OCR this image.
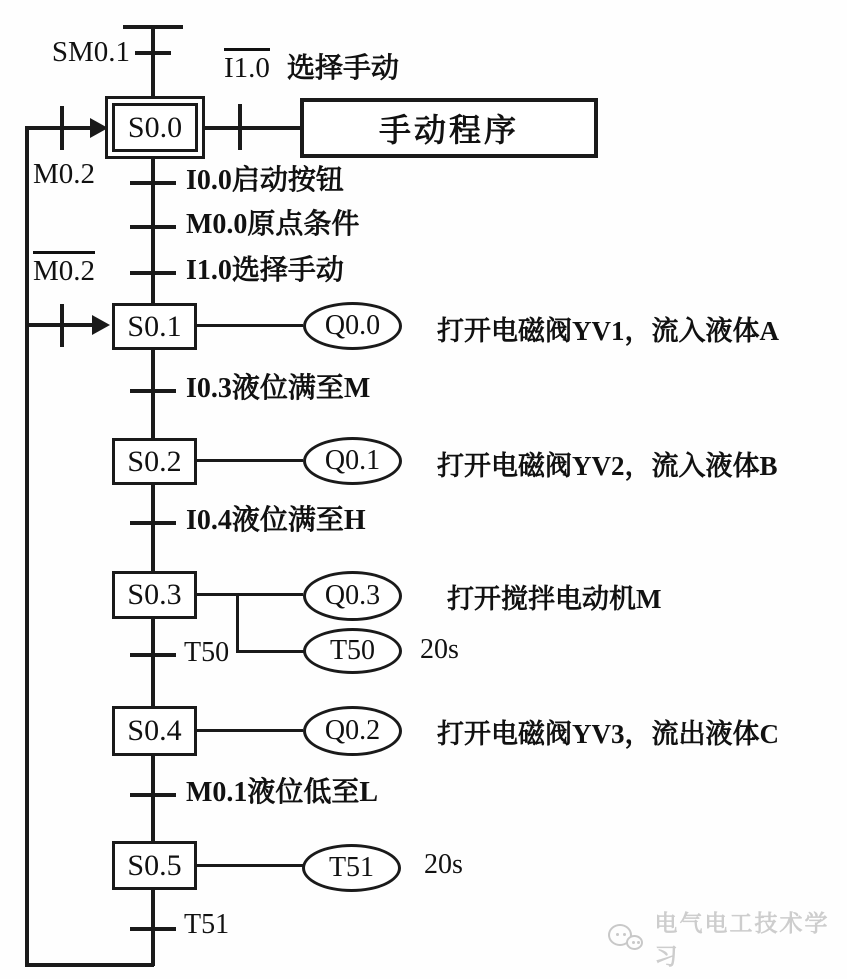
SM0.1
M0.2
M0.2
I1.0 选择手动
手动程序
I0.0启动按钮
M0.0原点条件
I1.0选择手动
I0.3液位满至M
I0.4液位满至H
T50
M0.1液位低至L
T51
S0.0
S0.1
S0.2
S0.3
S0.4
S0.5
Q0.0
Q0.1
Q0.3
T50
Q0.2
T51
打开电磁阀YV1，流入液体A
打开电磁阀YV2，流入液体B
打开搅拌电动机M
20s
打开电磁阀YV3，流出液体C
20s
电气电工技术学习
